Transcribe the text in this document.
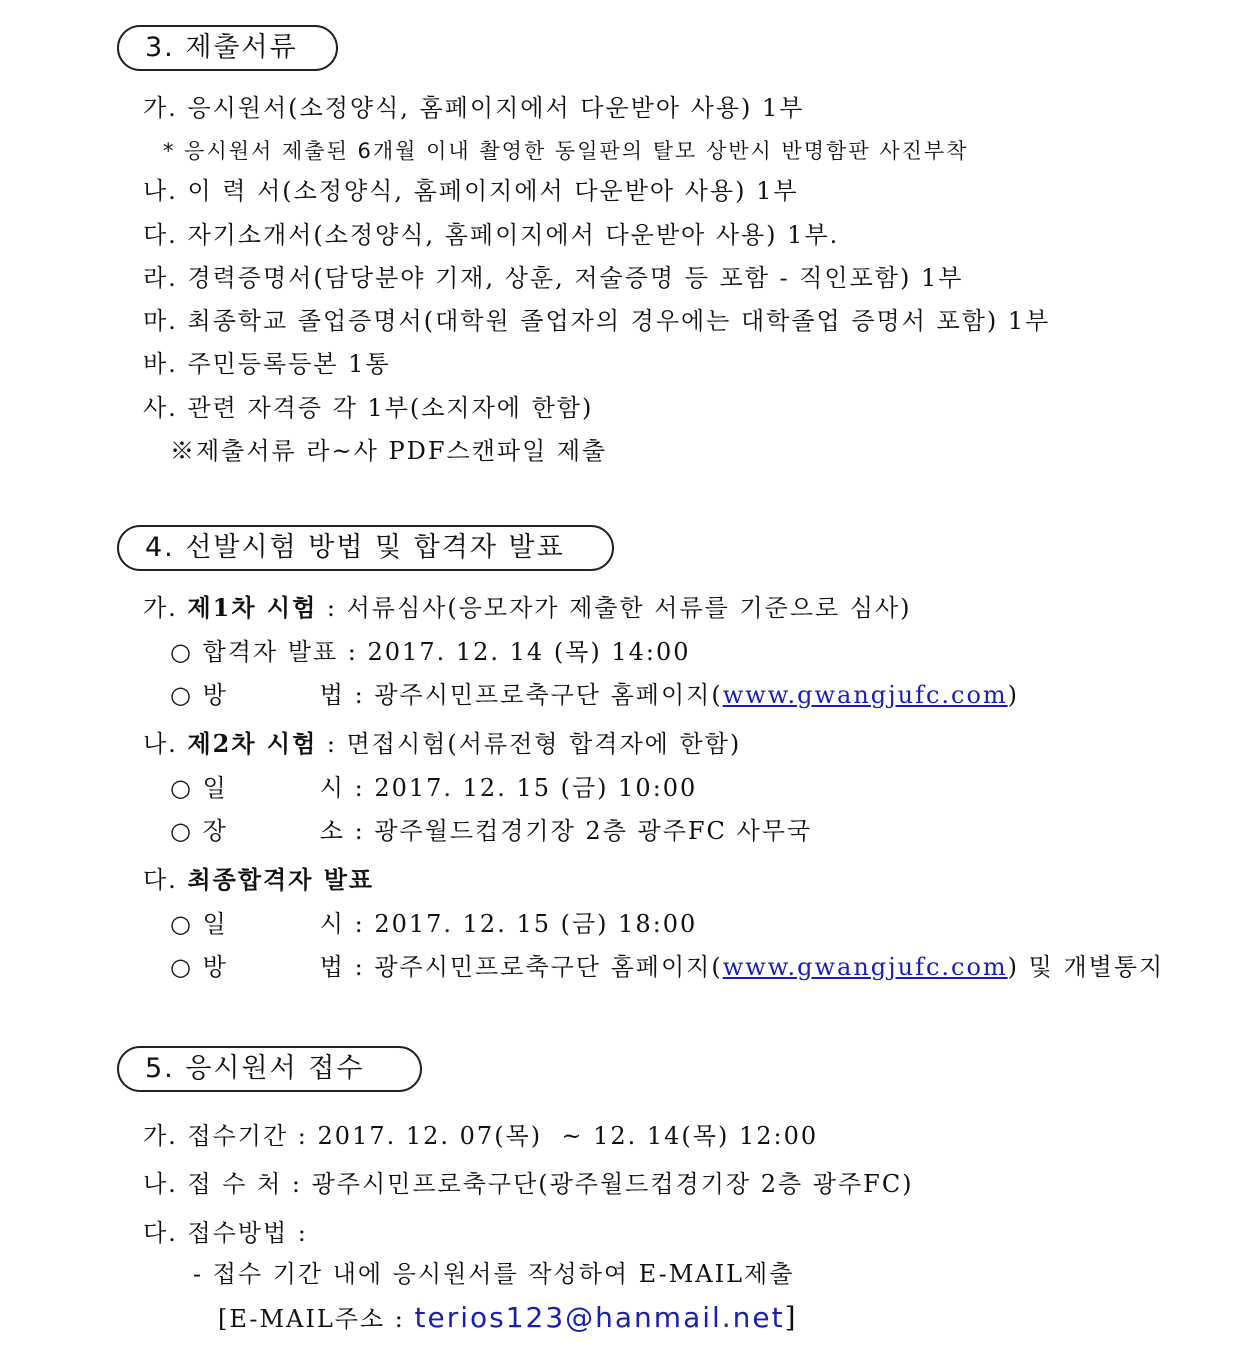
3. 제출서류
가. 응시원서(소정양식, 홈페이지에서 다운받아 사용) 1부
* 응시원서 제출된 6개월 이내 촬영한 동일판의 탈모 상반시 반명함판 사진부착
나. 이 력 서(소정양식, 홈페이지에서 다운받아 사용) 1부
다. 자기소개서(소정양식, 홈페이지에서 다운받아 사용) 1부.
라. 경력증명서(담당분야 기재, 상훈, 저술증명 등 포함 - 직인포함) 1부
마. 최종학교 졸업증명서(대학원 졸업자의 경우에는 대학졸업 증명서 포함) 1부
바. 주민등록등본 1통
사. 관련 자격증 각 1부(소지자에 한함)
※제출서류 라~사 PDF스캔파일 제출
4. 선발시험 방법 및 합격자 발표
가. 제1차 시험 : 서류심사(응모자가 제출한 서류를 기준으로 심사)
○ 합격자 발표 : 2017. 12. 14 (목) 14:00
○ 방	법 : 광주시민프로축구단 홈페이지(www.gwangjufc.com)
나. 제2차 시험 : 면접시험(서류전형 합격자에 한함)
○ 일	시 : 2017. 12. 15 (금) 10:00
○ 장	소 : 광주월드컵경기장 2층 광주FC 사무국
다. 최종합격자 발표
○ 일	시 : 2017. 12. 15 (금) 18:00
○ 방	법 : 광주시민프로축구단 홈페이지(www.gwangjufc.com) 및 개별통지
5. 응시원서 접수
가. 접수기간 : 2017. 12. 07(목)  ~ 12. 14(목) 12:00
나. 접 수 처 : 광주시민프로축구단(광주월드컵경기장 2층 광주FC)
다. 접수방법 :
- 접수 기간 내에 응시원서를 작성하여 E-MAIL제출
[E-MAIL주소 : terios123@hanmail.net]
